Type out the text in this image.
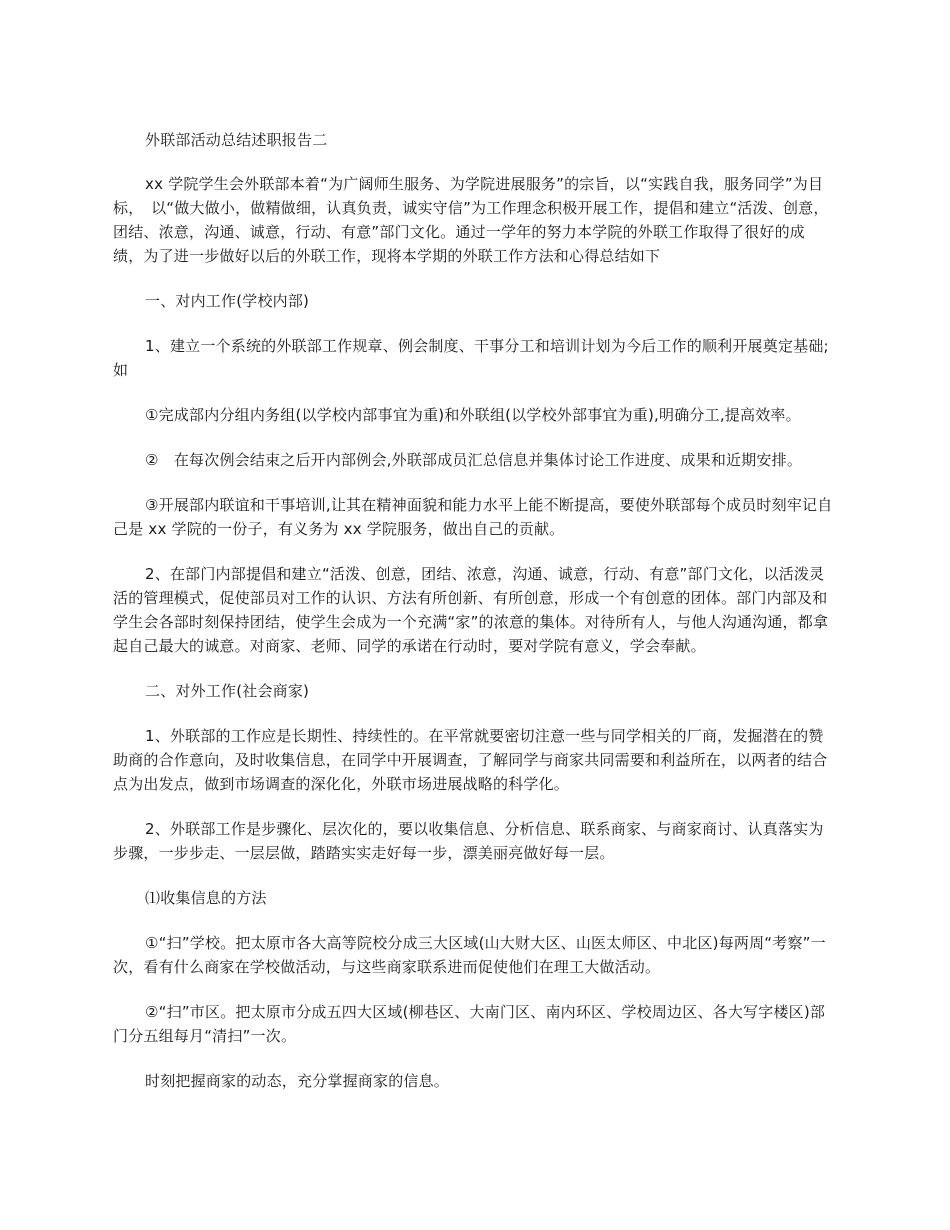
外联部活动总结述职报告二

xx 学院学生会外联部本着“为广阔师生服务、为学院进展服务”的宗旨，以“实践自我，服务同学”为目标，　以“做大做小，做精做细，认真负责，诚实守信”为工作理念积极开展工作，提倡和建立“活泼、创意，团结、浓意，沟通、诚意，行动、有意”部门文化。通过一学年的努力本学院的外联工作取得了很好的成绩，为了进一步做好以后的外联工作，现将本学期的外联工作方法和心得总结如下

一、对内工作(学校内部)

1、建立一个系统的外联部工作规章、例会制度、干事分工和培训计划为今后工作的顺利开展奠定基础;如

①完成部内分组内务组(以学校内部事宜为重)和外联组(以学校外部事宜为重),明确分工,提高效率。

②　在每次例会结束之后开内部例会,外联部成员汇总信息并集体讨论工作进度、成果和近期安排。

③开展部内联谊和干事培训,让其在精神面貌和能力水平上能不断提高，要使外联部每个成员时刻牢记自己是 xx 学院的一份子，有义务为 xx 学院服务，做出自己的贡献。

2、在部门内部提倡和建立“活泼、创意，团结、浓意，沟通、诚意，行动、有意”部门文化，以活泼灵活的管理模式，促使部员对工作的认识、方法有所创新、有所创意，形成一个有创意的团体。部门内部及和学生会各部时刻保持团结，使学生会成为一个充满“家”的浓意的集体。对待所有人，与他人沟通沟通，都拿起自己最大的诚意。对商家、老师、同学的承诺在行动时，要对学院有意义，学会奉献。

二、对外工作(社会商家)

1、外联部的工作应是长期性、持续性的。在平常就要密切注意一些与同学相关的厂商，发掘潜在的赞助商的合作意向，及时收集信息，在同学中开展调查，了解同学与商家共同需要和利益所在，以两者的结合点为出发点，做到市场调查的深化化，外联市场进展战略的科学化。

2、外联部工作是步骤化、层次化的，要以收集信息、分析信息、联系商家、与商家商讨、认真落实为步骤，一步步走、一层层做，踏踏实实走好每一步，漂美丽亮做好每一层。

⑴收集信息的方法

①“扫”学校。把太原市各大高等院校分成三大区域(山大财大区、山医太师区、中北区)每两周“考察”一次，看有什么商家在学校做活动，与这些商家联系进而促使他们在理工大做活动。

②“扫”市区。把太原市分成五四大区域(柳巷区、大南门区、南内环区、学校周边区、各大写字楼区)部门分五组每月“清扫”一次。

时刻把握商家的动态，充分掌握商家的信息。
